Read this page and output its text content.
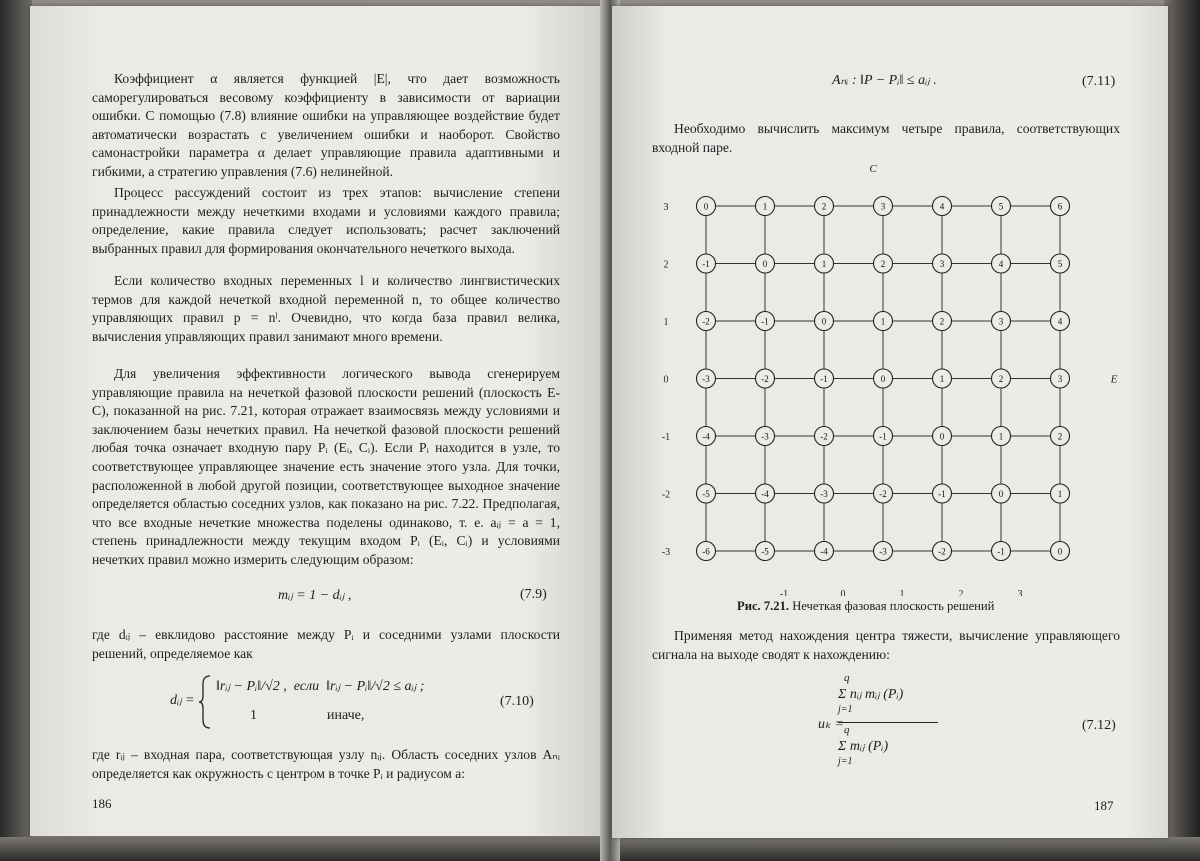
Коэффициент α является функцией |E|, что дает возможность саморегулироваться весовому коэффициенту в зависимости от вариации ошибки. С помощью (7.8) влияние ошибки на управляющее воздействие будет автоматически возрастать с увеличением ошибки и наоборот. Свойство самонастройки параметра α делает управляющие правила адаптивными и гибкими, а стратегию управления (7.6) нелинейной.

Процесс рассуждений состоит из трех этапов: вычисление степени принадлежности между нечеткими входами и условиями каждого правила; определение, какие правила следует использовать; расчет заключений выбранных правил для формирования окончательного нечеткого выхода.

Если количество входных переменных l и количество лингвистических термов для каждой нечеткой входной переменной n, то общее количество управляющих правил p = nˡ. Очевидно, что когда база правил велика, вычисления управляющих правил занимают много времени.

Для увеличения эффективности логического вывода сгенерируем управляющие правила на нечеткой фазовой плоскости решений (плоскость E-C), показанной на рис. 7.21, которая отражает взаимосвязь между условиями и заключением базы нечетких правил. На нечеткой фазовой плоскости решений любая точка означает входную пару Pᵢ (Eᵢ, Cᵢ). Если Pᵢ находится в узле, то соответствующее управляющее значение есть значение этого узла. Для точки, расположенной в любой другой позиции, соответствующее выходное значение определяется областью соседних узлов, как показано на рис. 7.22. Предполагая, что все входные нечеткие множества поделены одинаково, т. е. aᵢⱼ = a = 1, степень принадлежности между текущим входом Pᵢ (Eᵢ, Cᵢ) и условиями нечетких правил можно измерить следующим образом:

mᵢⱼ = 1 − dᵢⱼ ,	(7.9)

где dᵢⱼ – евклидово расстояние между Pᵢ и соседними узлами плоскости решений, определяемое как

dᵢⱼ =
‖rᵢⱼ − Pᵢ‖/√2 ,  если  ‖rᵢⱼ − Pᵢ‖/√2 ≤ aᵢⱼ ;
1                    иначе,
(7.10)

где rᵢⱼ – входная пара, соответствующая узлу nᵢⱼ. Область соседних узлов Aₙᵢ определяется как окружность с центром в точке Pᵢ и радиусом a:

186
Aₙᵢ : ‖P − Pᵢ‖ ≤ aᵢⱼ .	(7.11)

Необходимо вычислить максимум четыре правила, соответствующих входной паре.

0	1	2	3	4	5	6
-1	0	1	2	3	4	5
-2	-1	0	1	2	3	4
-3	-2	-1	0	1	2	3
-4	-3	-2	-1	0	1	2
-5	-4	-3	-2	-1	0	1
-6	-5	-4	-3	-2	-1	0
3
2
1
0
-1
-2
-3
-1	0	1	2	3
C
E
Рис. 7.21. Нечеткая фазовая плоскость решений

Применяя метод нахождения центра тяжести, вычисление управляющего сигнала на выходе сводят к нахождению:

uₖ =
q
Σ nᵢⱼ mᵢⱼ (Pᵢ)
j=1
q
Σ mᵢⱼ (Pᵢ)
j=1
(7.12)
187
